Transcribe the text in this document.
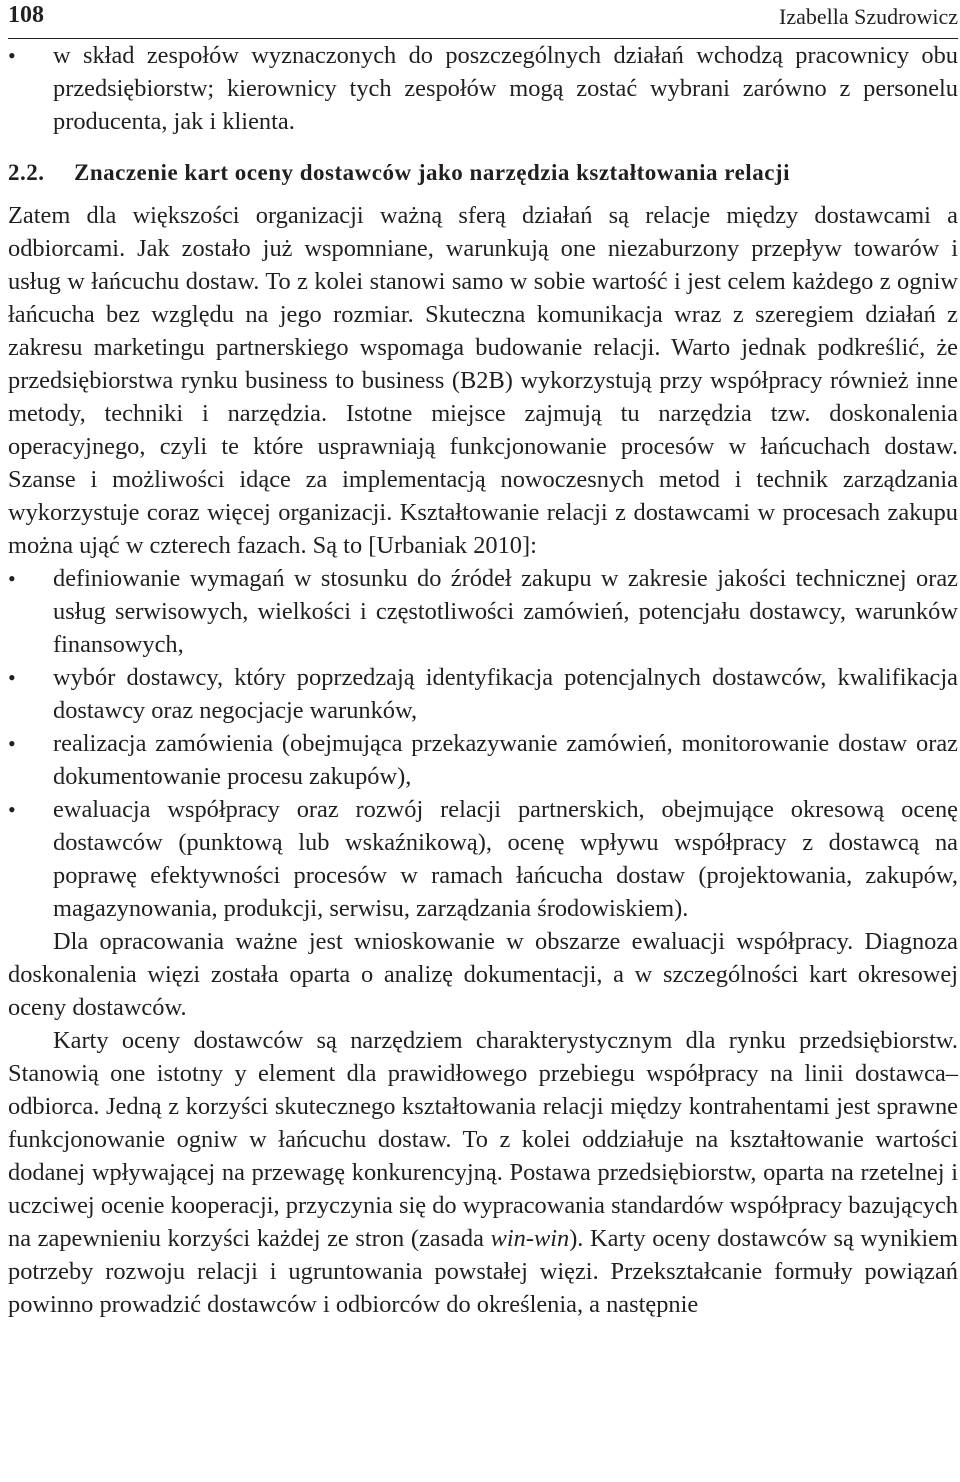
108	Izabella Szudrowicz
• w skład zespołów wyznaczonych do poszczególnych działań wchodzą pracownicy obu przedsiębiorstw; kierownicy tych zespołów mogą zostać wybrani zarówno z personelu producenta, jak i klienta.
2.2. Znaczenie kart oceny dostawców jako narzędzia kształtowania relacji

Zatem dla większości organizacji ważną sferą działań są relacje między dostawcami a odbiorcami. Jak zostało już wspomniane, warunkują one niezaburzony przepływ towarów i usług w łańcuchu dostaw. To z kolei stanowi samo w sobie wartość i jest celem każdego z ogniw łańcucha bez względu na jego rozmiar. Skuteczna komunikacja wraz z szeregiem działań z zakresu marketingu partnerskiego wspomaga budowanie relacji. Warto jednak podkreślić, że przedsiębiorstwa rynku business to business (B2B) wykorzystują przy współpracy również inne metody, techniki i narzędzia. Istotne miejsce zajmują tu narzędzia tzw. doskonalenia operacyjnego, czyli te które usprawniają funkcjonowanie procesów w łańcuchach dostaw. Szanse i możliwości idące za implementacją nowoczesnych metod i technik zarządzania wykorzystuje coraz więcej organizacji. Kształtowanie relacji z dostawcami w procesach zakupu można ująć w czterech fazach. Są to [Urbaniak 2010]:

• definiowanie wymagań w stosunku do źródeł zakupu w zakresie jakości technicznej oraz usług serwisowych, wielkości i częstotliwości zamówień, potencjału dostawcy, warunków finansowych,
• wybór dostawcy, który poprzedzają identyfikacja potencjalnych dostawców, kwalifikacja dostawcy oraz negocjacje warunków,
• realizacja zamówienia (obejmująca przekazywanie zamówień, monitorowanie dostaw oraz dokumentowanie procesu zakupów),
• ewaluacja współpracy oraz rozwój relacji partnerskich, obejmujące okresową ocenę dostawców (punktową lub wskaźnikową), ocenę wpływu współpracy z dostawcą na poprawę efektywności procesów w ramach łańcucha dostaw (projektowania, zakupów, magazynowania, produkcji, serwisu, zarządzania środowiskiem).

Dla opracowania ważne jest wnioskowanie w obszarze ewaluacji współpracy. Diagnoza doskonalenia więzi została oparta o analizę dokumentacji, a w szczególności kart okresowej oceny dostawców.

Karty oceny dostawców są narzędziem charakterystycznym dla rynku przedsiębiorstw. Stanowią one istotny y element dla prawidłowego przebiegu współpracy na linii dostawca–odbiorca. Jedną z korzyści skutecznego kształtowania relacji między kontrahentami jest sprawne funkcjonowanie ogniw w łańcuchu dostaw. To z kolei oddziałuje na kształtowanie wartości dodanej wpływającej na przewagę konkurencyjną. Postawa przedsiębiorstw, oparta na rzetelnej i uczciwej ocenie kooperacji, przyczynia się do wypracowania standardów współpracy bazujących na zapewnieniu korzyści każdej ze stron (zasada win-win). Karty oceny dostawców są wynikiem potrzeby rozwoju relacji i ugruntowania powstałej więzi. Przekształcanie formuły powiązań powinno prowadzić dostawców i odbiorców do określenia, a następnie
